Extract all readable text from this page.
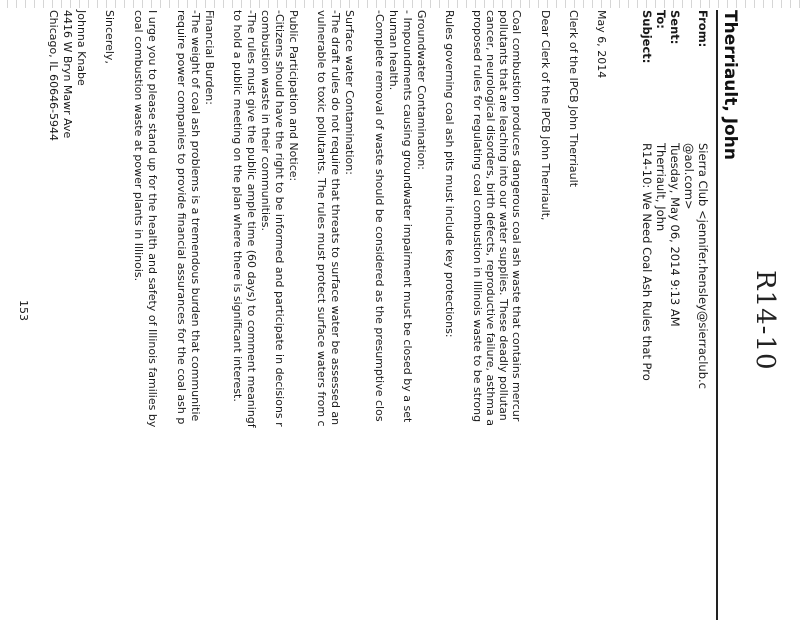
R14-10
Therriault, John
From:
Sierra Club <jennifer.hensley@sierraclub.c
@aol.com>
Sent:
Tuesday, May 06, 2014 9:13 AM
To:
Therriault, John
Subject:
R14-10: We Need Coal Ash Rules that Pro
May 6, 2014
Clerk of the IPCB John Therriault
Dear Clerk of the IPCB John Therriault,
Coal combustion produces dangerous coal ash waste that contains mercur
pollutants that are leaching into our water supplies. These deadly pollutan
cancer, neurological disorders, birth defects, reproductive failure, asthma a
proposed rules for regulating coal combustion in Illinois waste to be strong
Rules governing coal ash pits must include key protections:
Groundwater Contamination:
- Impoundments causing groundwater impairment must be closed by a set
human health.
-Complete removal of waste should be considered as the presumptive clos
Surface water Contamination:
-The draft rules do not require that threats to surface water be assessed an
vulnerable to toxic pollutants. The rules must protect surface waters from c
Public Participation and Notice:
-Citizens should have the right to be informed and participate in decisions r
combustion waste in their communities.
-The rules must give the public ample time (60 days) to comment meaningf
to hold a public meeting on the plan where there is significant interest.
Financial Burden:
-The weight of coal ash problems is a tremendous burden that communitie
require power companies to provide financial assurances for the coal ash p
I urge you to please stand up for the health and safety of Illinois families by
coal combustion waste at power plants in Illinois.
Sincerely,
Johnna Knabe
4416 W Bryn Mawr Ave
Chicago, IL 60646-5944
153
